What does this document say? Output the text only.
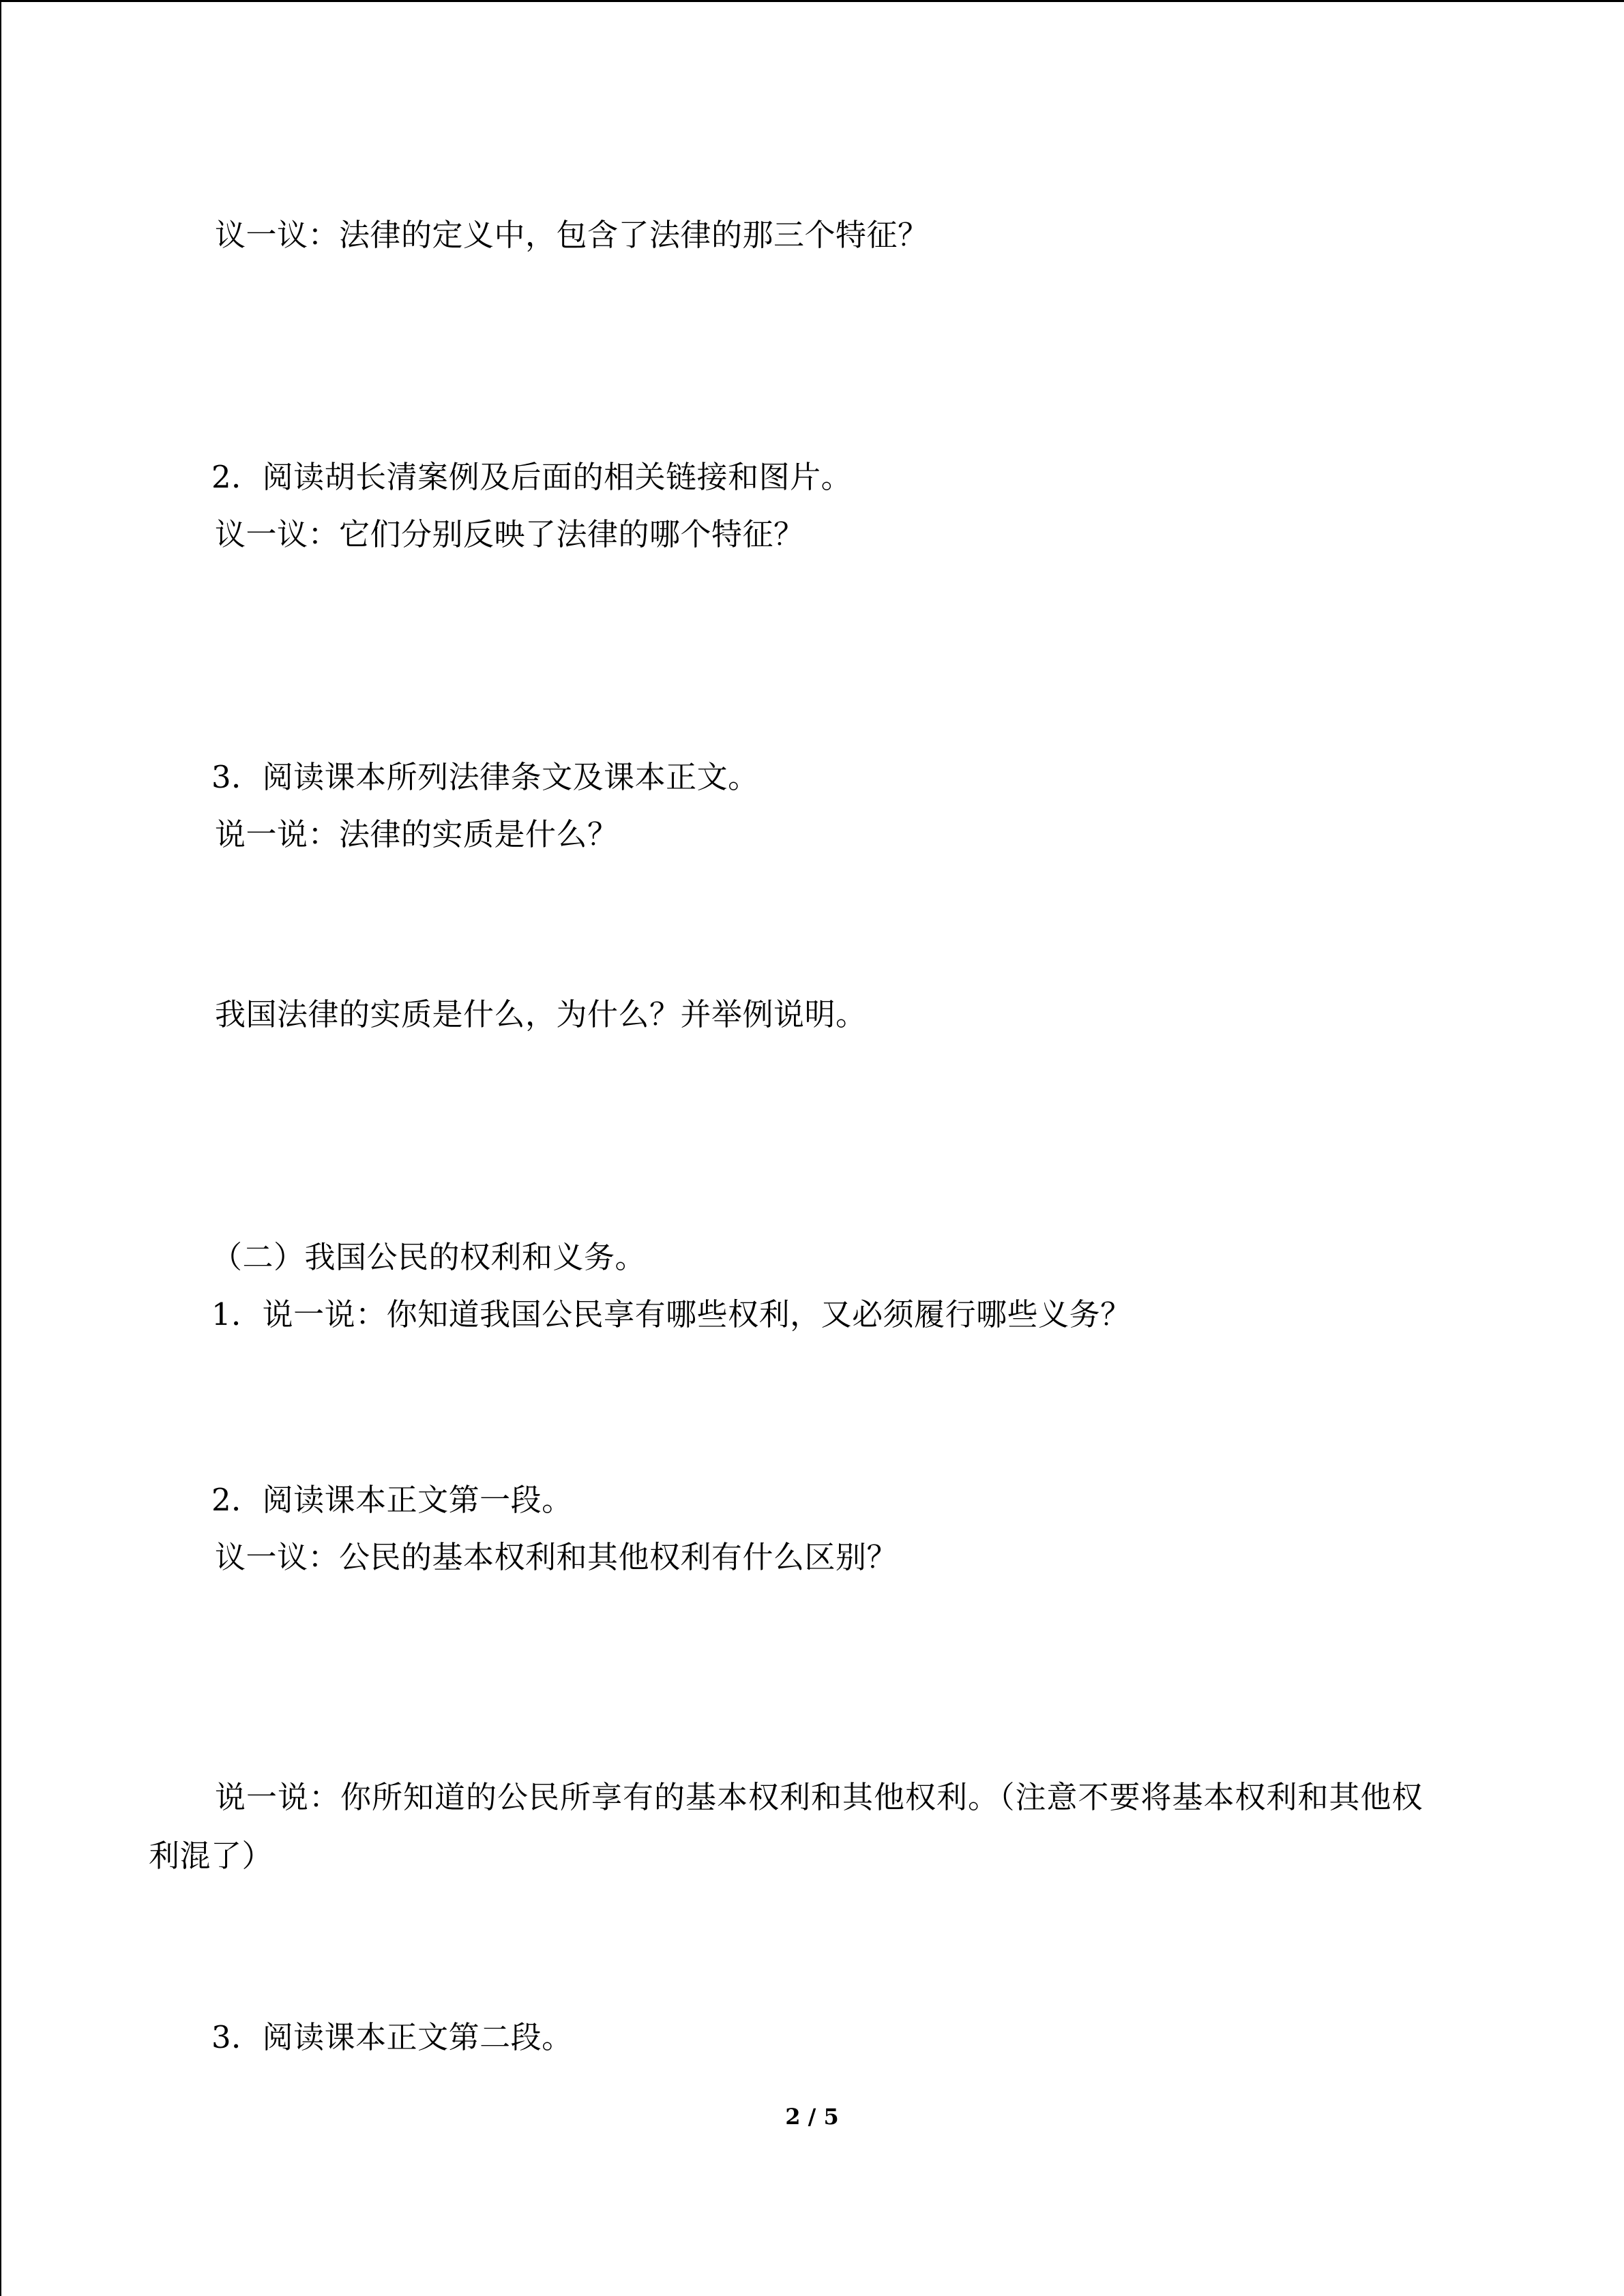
议一议：法律的定义中，包含了法律的那三个特征？
2．阅读胡长清案例及后面的相关链接和图片。
议一议：它们分别反映了法律的哪个特征？
3．阅读课本所列法律条文及课本正文。
说一说：法律的实质是什么？
我国法律的实质是什么，为什么？并举例说明。
（二）我国公民的权利和义务。
1．说一说：你知道我国公民享有哪些权利，又必须履行哪些义务？
2．阅读课本正文第一段。
议一议：公民的基本权利和其他权利有什么区别？
说一说：你所知道的公民所享有的基本权利和其他权利。（注意不要将基本权利和其他权
利混了）
3．阅读课本正文第二段。
2 / 5
